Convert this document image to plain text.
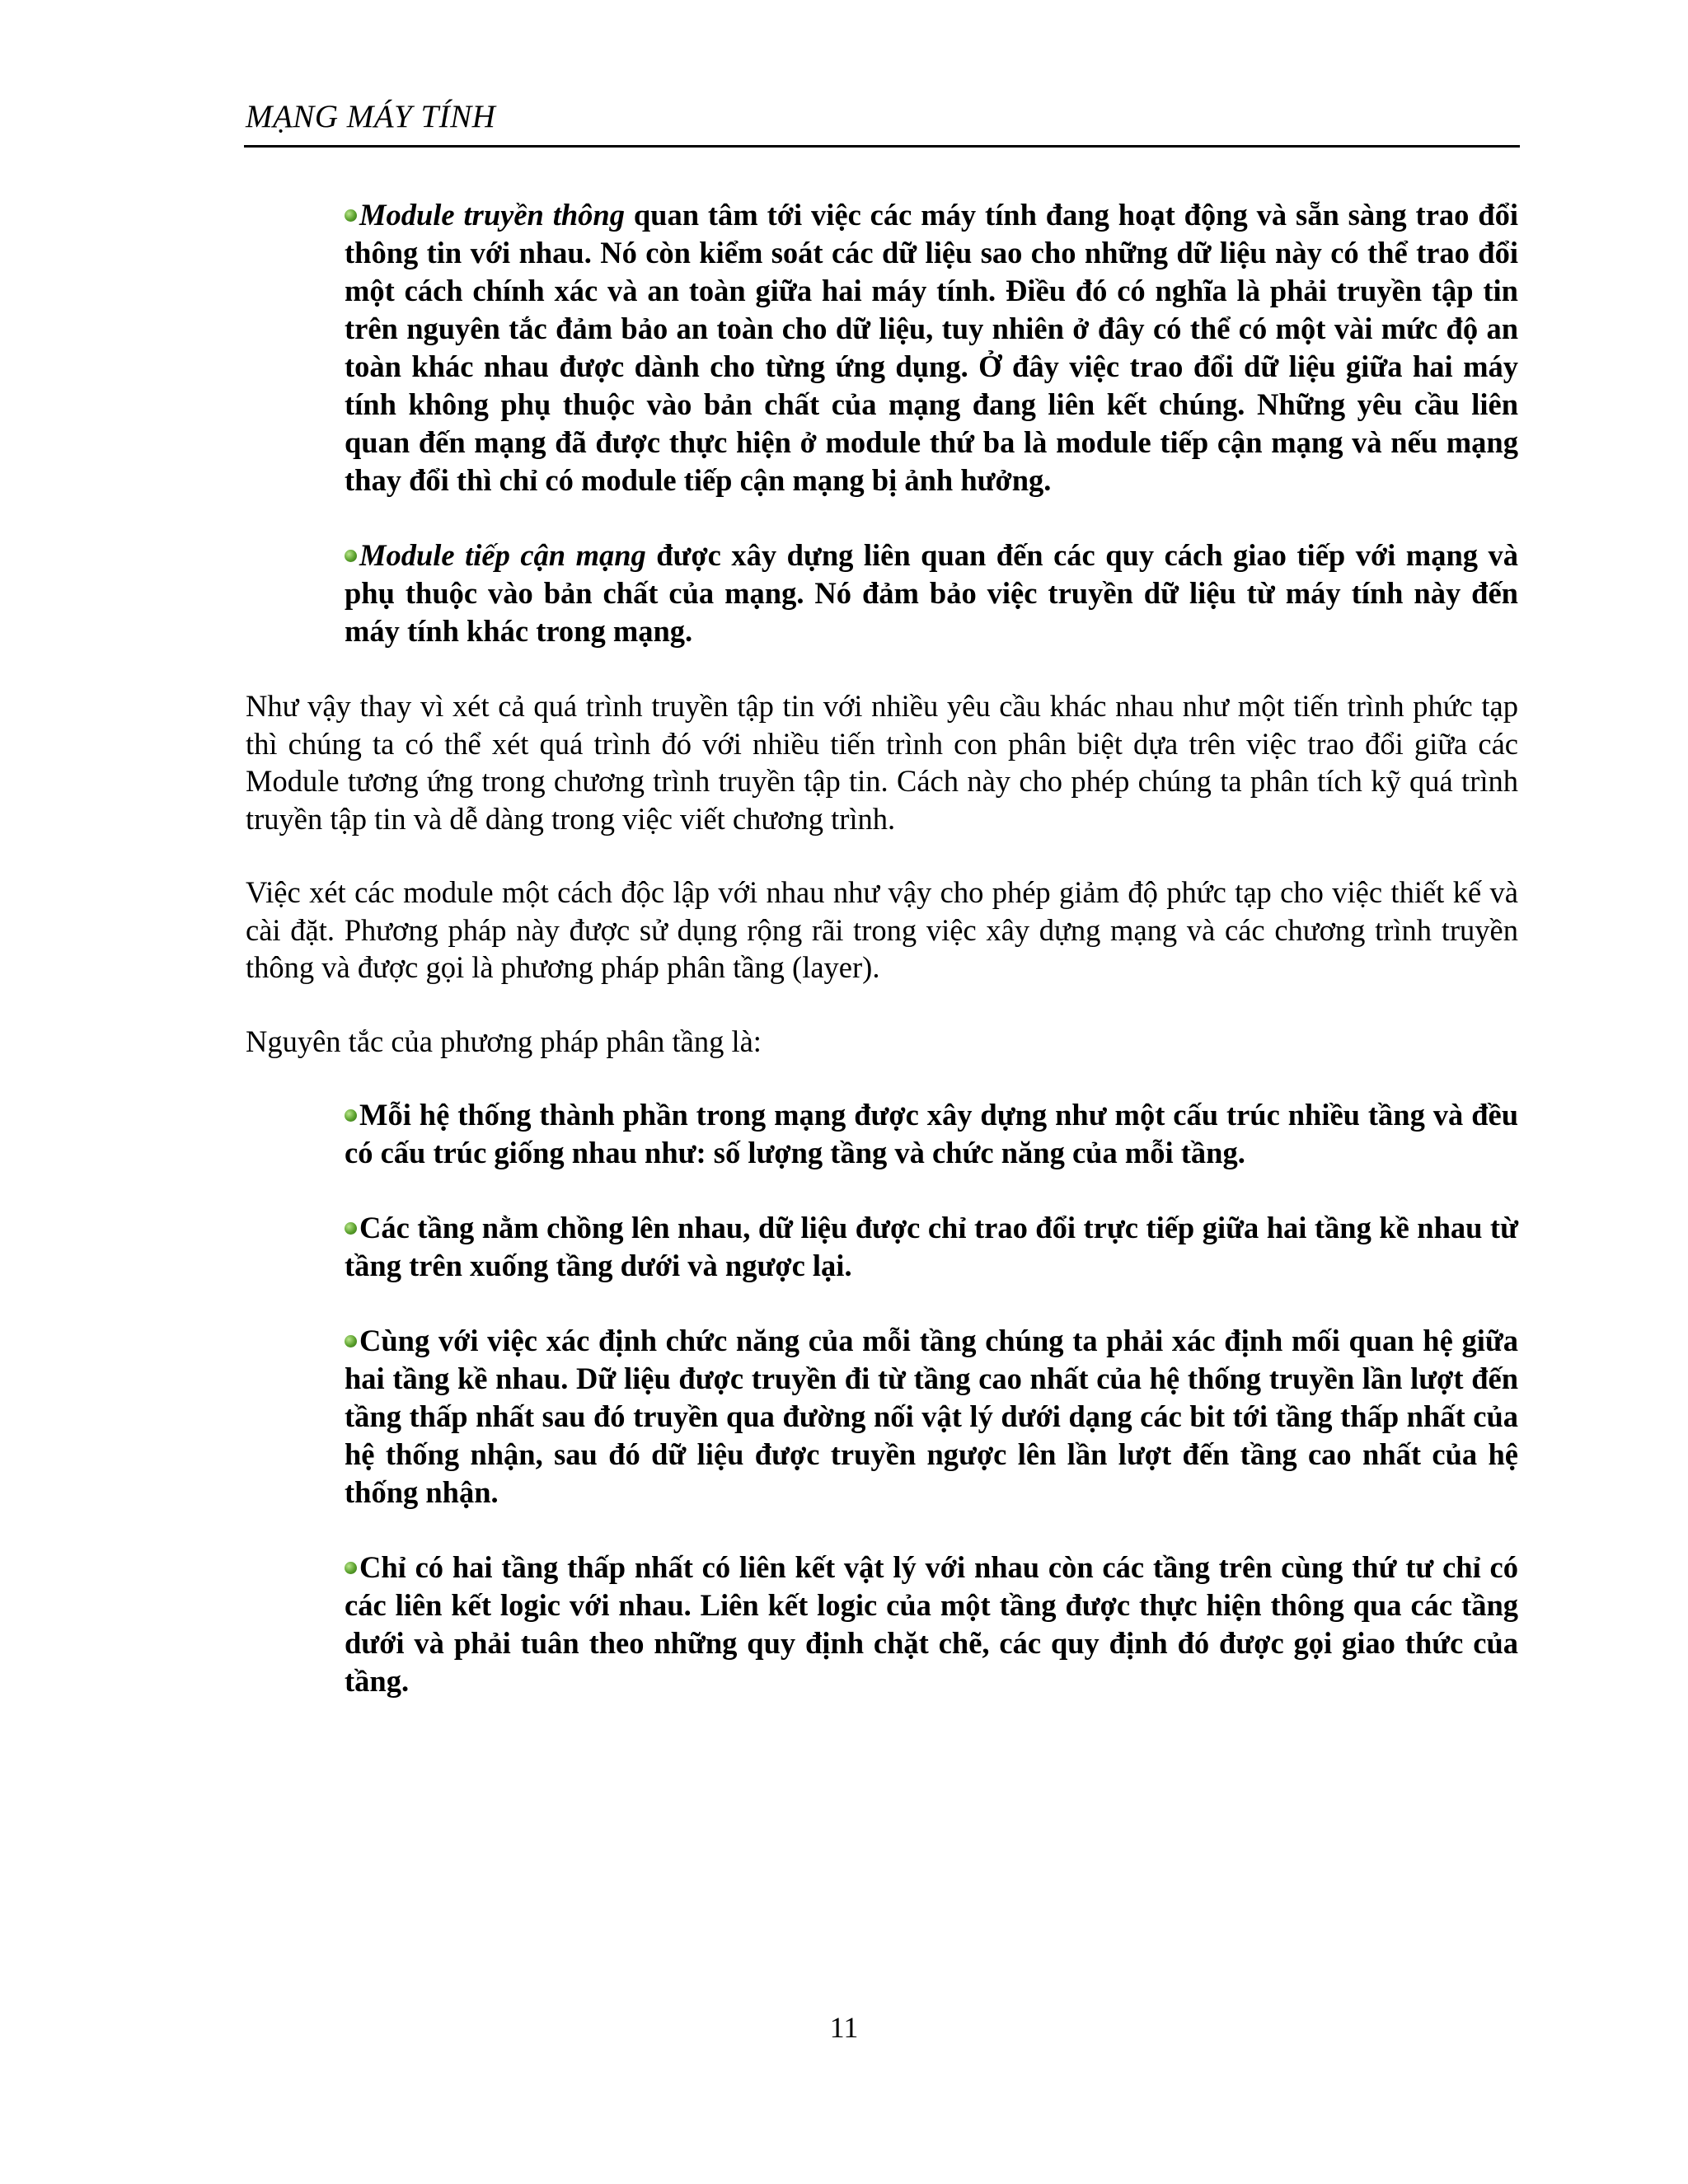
MẠNG MÁY TÍNH

Module truyền thông quan tâm tới việc các máy tính đang hoạt động và sẵn sàng trao đổi thông tin với nhau. Nó còn kiểm soát các dữ liệu sao cho những dữ liệu này có thể trao đổi một cách chính xác và an toàn giữa hai máy tính. Điều đó có nghĩa là phải truyền tập tin trên nguyên tắc đảm bảo an toàn cho dữ liệu, tuy nhiên ở đây có thể có một vài mức độ an toàn khác nhau được dành cho từng ứng dụng. Ở đây việc trao đổi dữ liệu giữa hai máy tính không phụ thuộc vào bản chất của mạng đang liên kết chúng. Những yêu cầu liên quan đến mạng đã được thực hiện ở module thứ ba là module tiếp cận mạng và nếu mạng thay đổi thì chỉ có module tiếp cận mạng bị ảnh hưởng.

Module tiếp cận mạng được xây dựng liên quan đến các quy cách giao tiếp với mạng và phụ thuộc vào bản chất của mạng. Nó đảm bảo việc truyền dữ liệu từ máy tính này đến máy tính khác trong mạng.

Như vậy thay vì xét cả quá trình truyền tập tin với nhiều yêu cầu khác nhau như một tiến trình phức tạp thì chúng ta có thể xét quá trình đó với nhiều tiến trình con phân biệt dựa trên việc trao đổi giữa các Module tương ứng trong chương trình truyền tập tin. Cách này cho phép chúng ta phân tích kỹ quá trình truyền tập tin và dễ dàng trong việc viết chương trình.

Việc xét các module một cách độc lập với nhau như vậy cho phép giảm độ phức tạp cho việc thiết kế và cài đặt. Phương pháp này được sử dụng rộng rãi trong việc xây dựng mạng và các chương trình truyền thông và được gọi là phương pháp phân tầng (layer).

Nguyên tắc của phương pháp phân tầng là:

Mỗi hệ thống thành phần trong mạng được xây dựng như một cấu trúc nhiều tầng và đều có cấu trúc giống nhau như: số lượng tầng và chức năng của mỗi tầng.

Các tầng nằm chồng lên nhau, dữ liệu được chỉ trao đổi trực tiếp giữa hai tầng kề nhau từ tầng trên xuống tầng dưới và ngược lại.

Cùng với việc xác định chức năng của mỗi tầng chúng ta phải xác định mối quan hệ giữa hai tầng kề nhau. Dữ liệu được truyền đi từ tầng cao nhất của hệ thống truyền lần lượt đến tầng thấp nhất sau đó truyền qua đường nối vật lý dưới dạng các bit tới tầng thấp nhất của hệ thống nhận, sau đó dữ liệu được truyền ngược lên lần lượt đến tầng cao nhất của hệ thống nhận.

Chỉ có hai tầng thấp nhất có liên kết vật lý với nhau còn các tầng trên cùng thứ tư chỉ có các liên kết logic với nhau. Liên kết logic của một tầng được thực hiện thông qua các tầng dưới và phải tuân theo những quy định chặt chẽ, các quy định đó được gọi giao thức của tầng.

11
